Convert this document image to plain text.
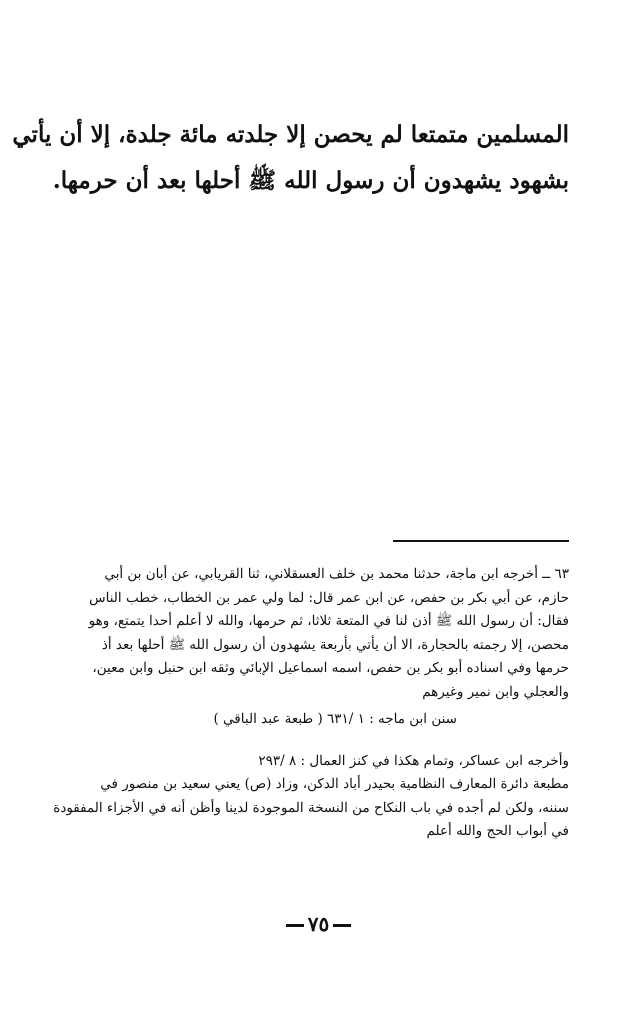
المسلمين متمتعا لم يحصن إلا جلدته مائة جلدة، إلا أن يأتي
بشهود يشهدون أن رسول الله ﷺ أحلها بعد أن حرمها.
٦٣ ــ أخرجه ابن ماجة، حدثنا محمد بن خلف العسقلاني، ثنا القريابي، عن أبان بن أبي
حازم، عن أبي بكر بن حفص، عن ابن عمر قال: لما ولي عمر بن الخطاب، خطب الناس
فقال: أن رسول الله ﷺ أذن لنا في المتعة ثلاثا، ثم حرمها، والله لا أعلم أحدا يتمتع، وهو
محصن، إلا رجمته بالحجارة، الا أن يأتي بأربعة يشهدون أن رسول الله ﷺ أحلها بعد أذ
حرمها وفي اسناده أبو بكر بن حفص، اسمه اسماعيل الإبائي وثقه ابن حنبل وابن معين،
والعجلي وابن نمير وغيرهم
سنن ابن ماجه : ١ /٦٣١ ( طبعة عبد الباقي )
وأخرجه ابن عساكر، وتمام هكذا في كنز العمال : ٨ /٢٩٣
مطبعة دائرة المعارف النظامية بحيدر أباد الدكن، وزاد (ص) يعني سعيد بن منصور في
سننه، ولكن لم أجده في باب النكاح من النسخة الموجودة لدينا وأظن أنه في الأجزاء المفقودة
في أبواب الحج والله أعلم
٧٥
